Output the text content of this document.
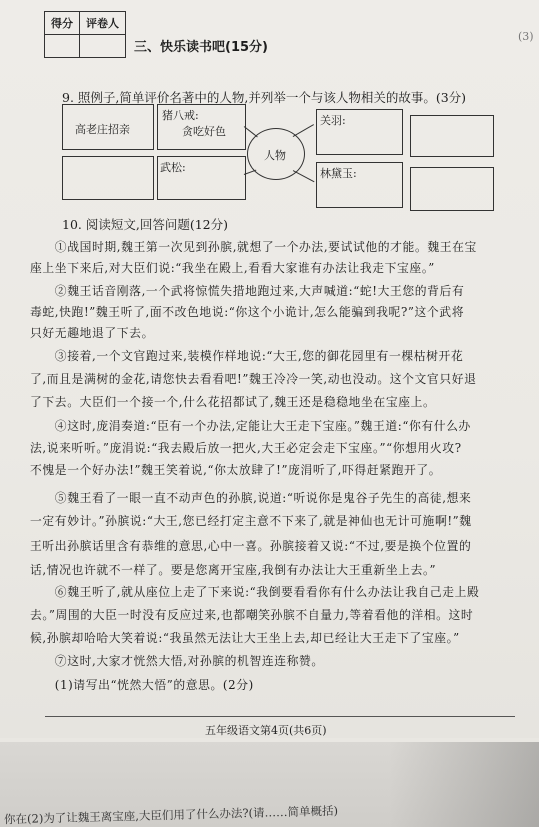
(3)
得分	评卷人

三、快乐读书吧(15分)
9. 照例子,简单评价名著中的人物,并列举一个与该人物相关的故事。(3分)
高老庄招亲
猪八戒:
贪吃好色
武松:
人物
关羽:
林黛玉:
10. 阅读短文,回答问题(12分)
　　①战国时期,魏王第一次见到孙膑,就想了一个办法,要试试他的才能。魏王在宝
座上坐下来后,对大臣们说:“我坐在殿上,看看大家谁有办法让我走下宝座。”
　　②魏王话音刚落,一个武将惊慌失措地跑过来,大声喊道:“蛇!大王您的背后有
毒蛇,快跑!”魏王听了,面不改色地说:“你这个小诡计,怎么能骗到我呢?”这个武将
只好无趣地退了下去。
　　③接着,一个文官跑过来,装模作样地说:“大王,您的御花园里有一棵枯树开花
了,而且是满树的金花,请您快去看看吧!”魏王冷冷一笑,动也没动。这个文官只好退
了下去。大臣们一个接一个,什么花招都试了,魏王还是稳稳地坐在宝座上。
　　④这时,庞涓奏道:“臣有一个办法,定能让大王走下宝座。”魏王道:“你有什么办
法,说来听听。”庞涓说:“我去殿后放一把火,大王必定会走下宝座。”“你想用火攻?
不愧是一个好办法!”魏王笑着说,“你太放肆了!”庞涓听了,吓得赶紧跑开了。
　　⑤魏王看了一眼一直不动声色的孙膑,说道:“听说你是鬼谷子先生的高徒,想来
一定有妙计。”孙膑说:“大王,您已经打定主意不下来了,就是神仙也无计可施啊!”魏
王听出孙膑话里含有恭维的意思,心中一喜。孙膑接着又说:“不过,要是换个位置的
话,情况也许就不一样了。要是您离开宝座,我倒有办法让大王重新坐上去。”
　　⑥魏王听了,就从座位上走了下来说:“我倒要看看你有什么办法让我自己走上殿
去。”周围的大臣一时没有反应过来,也都嘲笑孙膑不自量力,等着看他的洋相。这时
候,孙膑却哈哈大笑着说:“我虽然无法让大王坐上去,却已经让大王走下了宝座。”
　　⑦这时,大家才恍然大悟,对孙膑的机智连连称赞。
　　(1)请写出“恍然大悟”的意思。(2分)
五年级语文第4页(共6页)
你在(2)为了让魏王离宝座,大臣们用了什么办法?(请……简单概括)
